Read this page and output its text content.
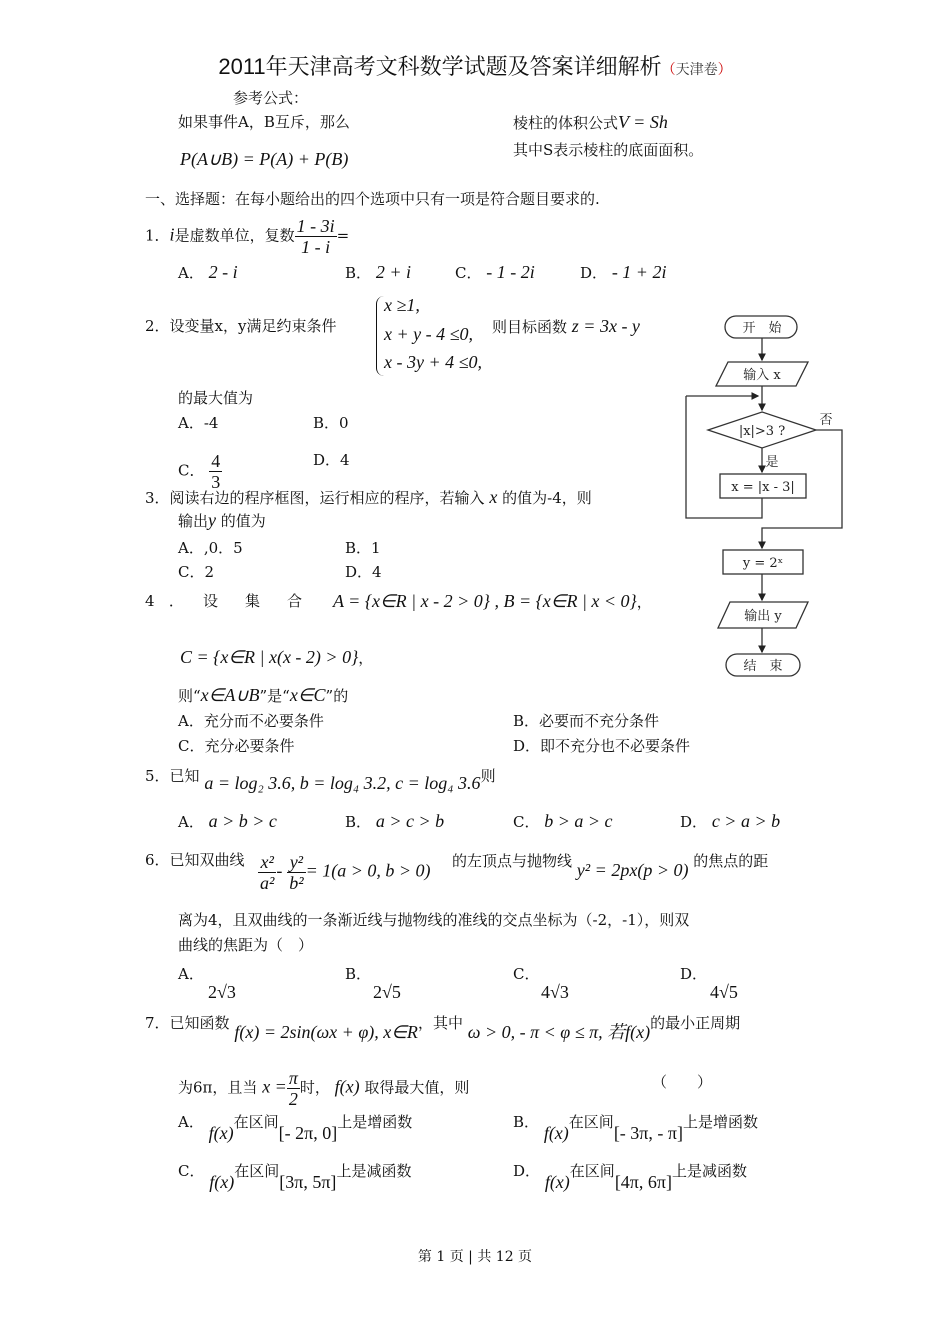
2011年天津高考文科数学试题及答案详细解析（天津卷）
参考公式：
如果事件A，B互斥，那么
P(A∪B) = P(A) + P(B)
棱柱的体积公式V = Sh
其中S表示棱柱的底面面积。
一、选择题：在每小题给出的四个选项中只有一项是符合题目要求的.
1．i是虚数单位，复数 $\frac{1 - 3i}{1 - i}$ =
A． 2 - i	B． 2 + i	C． - 1 - 2i	D． - 1 + 2i
2．设变量x，y满足约束条件
x ≥1,
x + y - 4 ≤0,
x - 3y + 4 ≤0,
则目标函数 z = 3x - y
的最大值为
A．-4	B．0
C． $\frac{4}{3}$	D．4
3．阅读右边的程序框图，运行相应的程序，若输入 x 的值为-4，则
输出y 的值为
A．,0．5	B．1
C．2	D．4
4 ． 设　集　合 A = {x∈R | x - 2 > 0} , B = {x∈R | x < 0}，
C = {x∈R | x(x - 2) > 0}，
则“x∈A∪B”是“x∈C”的
A．充分而不必要条件	B．必要而不充分条件
C．充分必要条件	D．即不充分也不必要条件
5．已知 a = log₂ 3.6, b = log₄ 3.2, c = log₄ 3.6则
A． a > b > c	B． a > c > b	C． b > a > c	D． c > a > b
6．已知双曲线 $\frac{\text{x²}}{\text{a²}} - \frac{\text{y²}}{\text{b²}} = 1(a > 0$, b > 0) 的左顶点与抛物线 y² = 2px(p > 0) 的焦点的距
离为4，且双曲线的一条渐近线与抛物线的准线的交点坐标为（-2，-1），则双
曲线的焦距为（　）
A．
2√3
B．
2√5
C．
4√3
D．
4√5
7．已知函数 f(x) = 2sin(ωx + φ), x∈R，其中 ω > 0, - π < φ ≤ π, 若f(x)的最小正周期
为6π，且当 $x = \frac{\pi}{2}$ 时， f(x) 取得最大值，则	（　　）
A． f(x)在区间[- 2π, 0]上是增函数	B． f(x)在区间[- 3π, - π]上是增函数
C． f(x)在区间[3π, 5π]上是减函数	D． f(x)在区间[4π, 6π]上是减函数
开　始
输入 x
|x|>3 ?
否
是
x = |x - 3|
y = 2ˣ
输出 y
结　束
第 1 页 | 共 12 页
